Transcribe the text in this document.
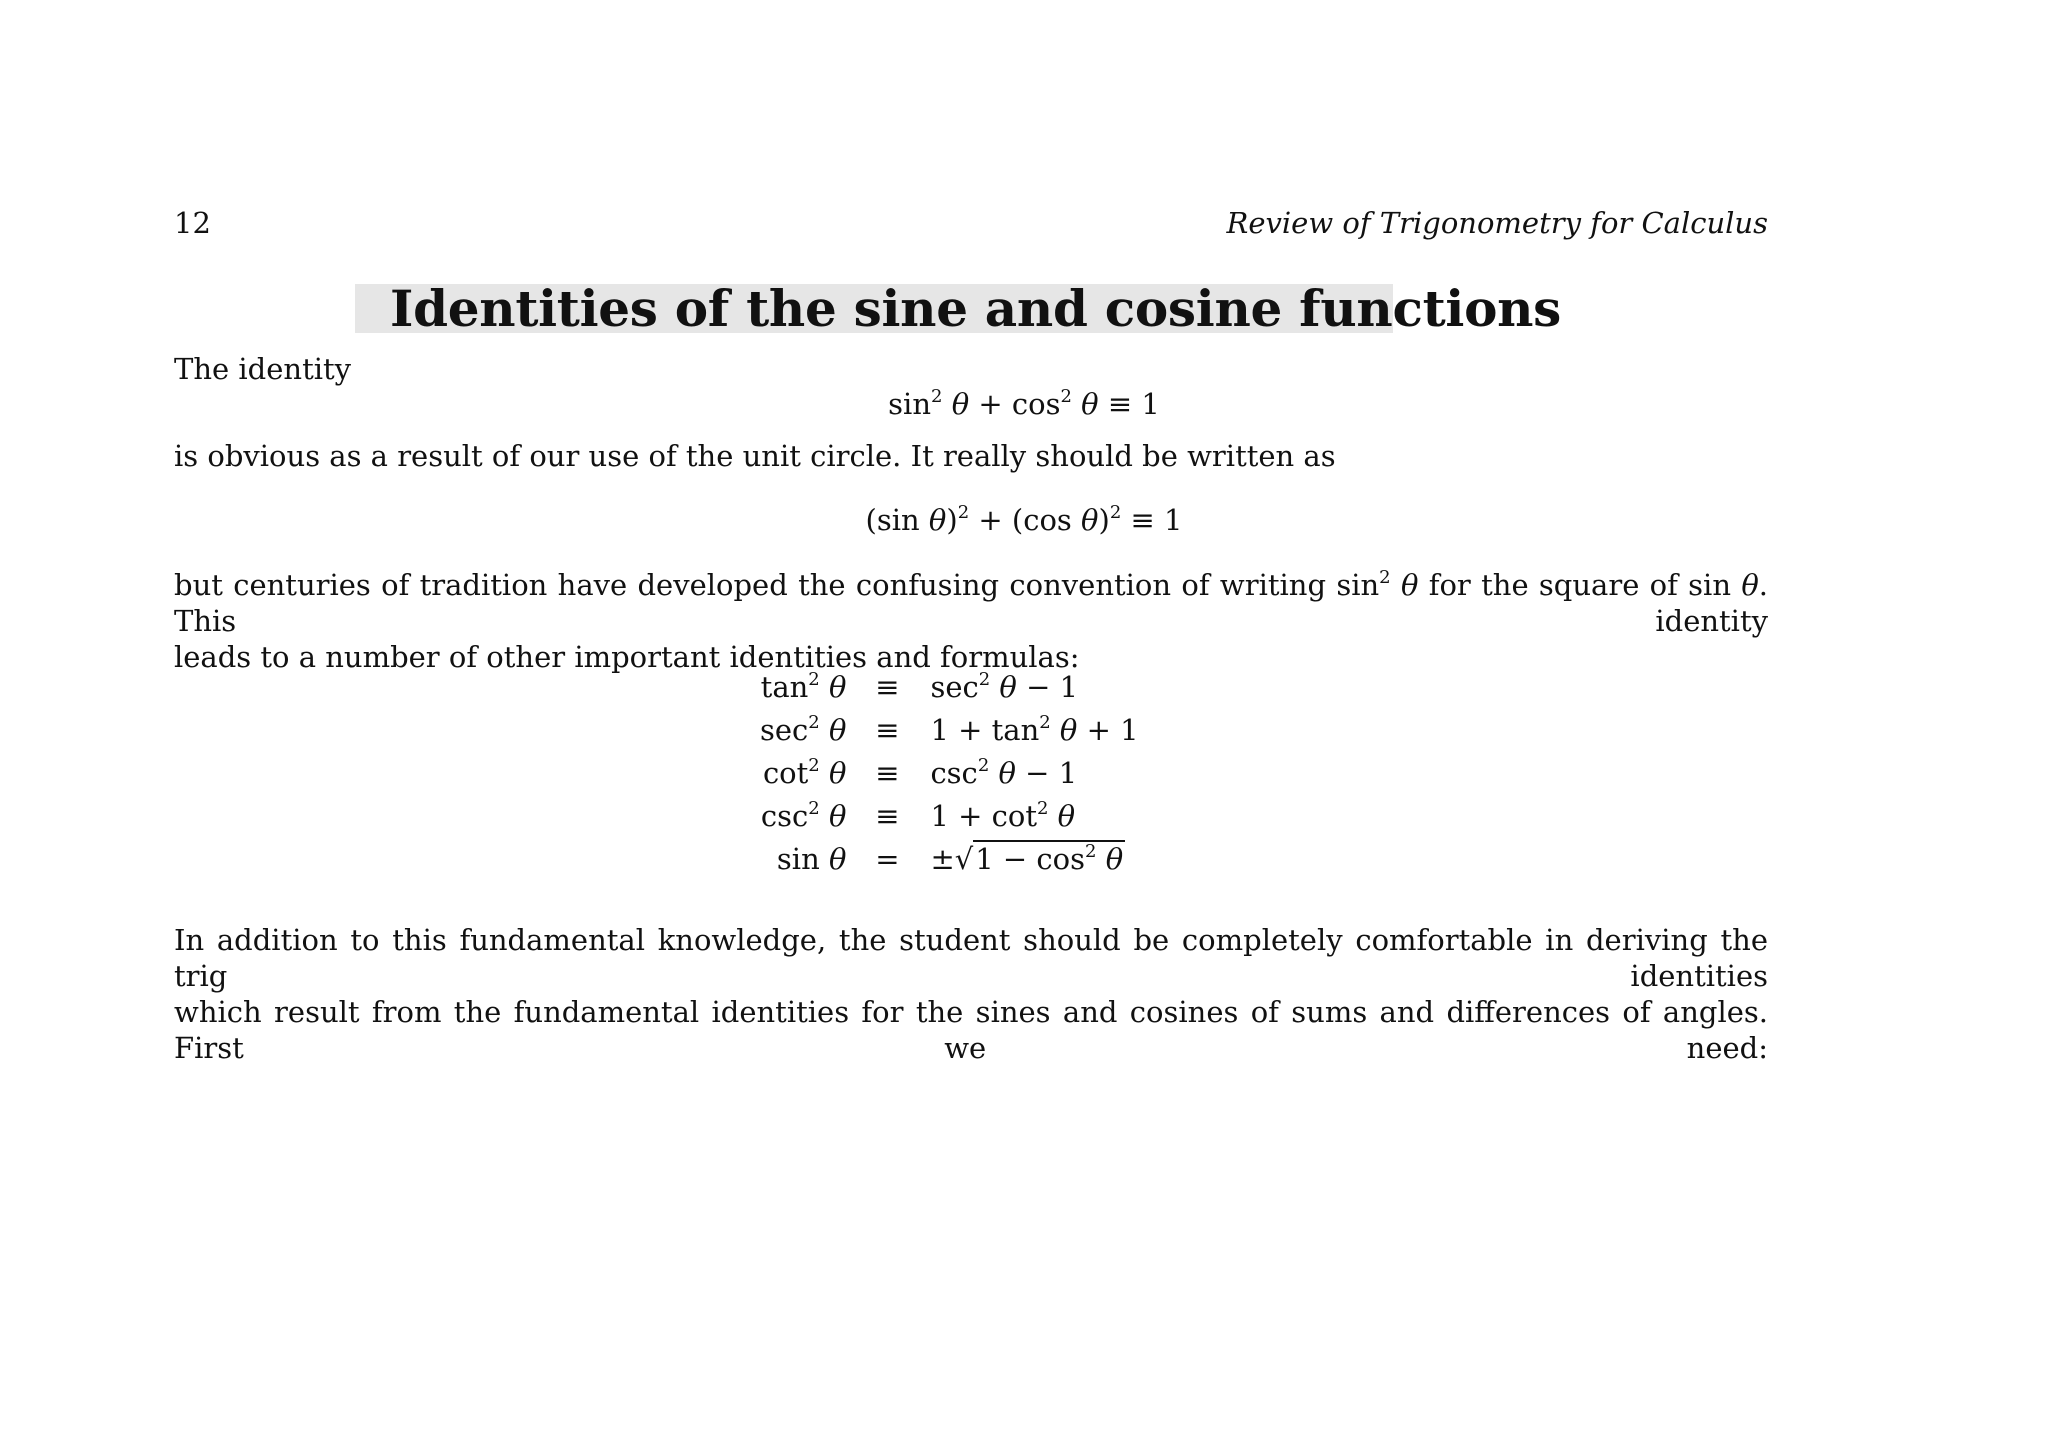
12	Review of Trigonometry for Calculus
Identities of the sine and cosine functions
The identity
$\sin^2 \theta + \cos^2 \theta \equiv 1$
is obvious as a result of our use of the unit circle. It really should be written as
(sin θ)$^2$ + (cos θ)$^2$ ≡ 1
but centuries of tradition have developed the confusing convention of writing $\sin^2 \theta$ for the square of sin θ. This identity
leads to a number of other important identities and formulas:
$\tan^2 \theta$	≡	$\sec^2 \theta - 1$
$\sec^2 \theta$	≡	$1 + \tan^2 \theta + 1$
$\cot^2 \theta$	≡	$\csc^2 \theta - 1$
$\csc^2 \theta$	≡	$1 + \cot^2 \theta$
sin θ	=	$\pm√1 - \cos^2 \theta$
In addition to this fundamental knowledge, the student should be completely comfortable in deriving the trig identities
which result from the fundamental identities for the sines and cosines of sums and differences of angles. First we need:
